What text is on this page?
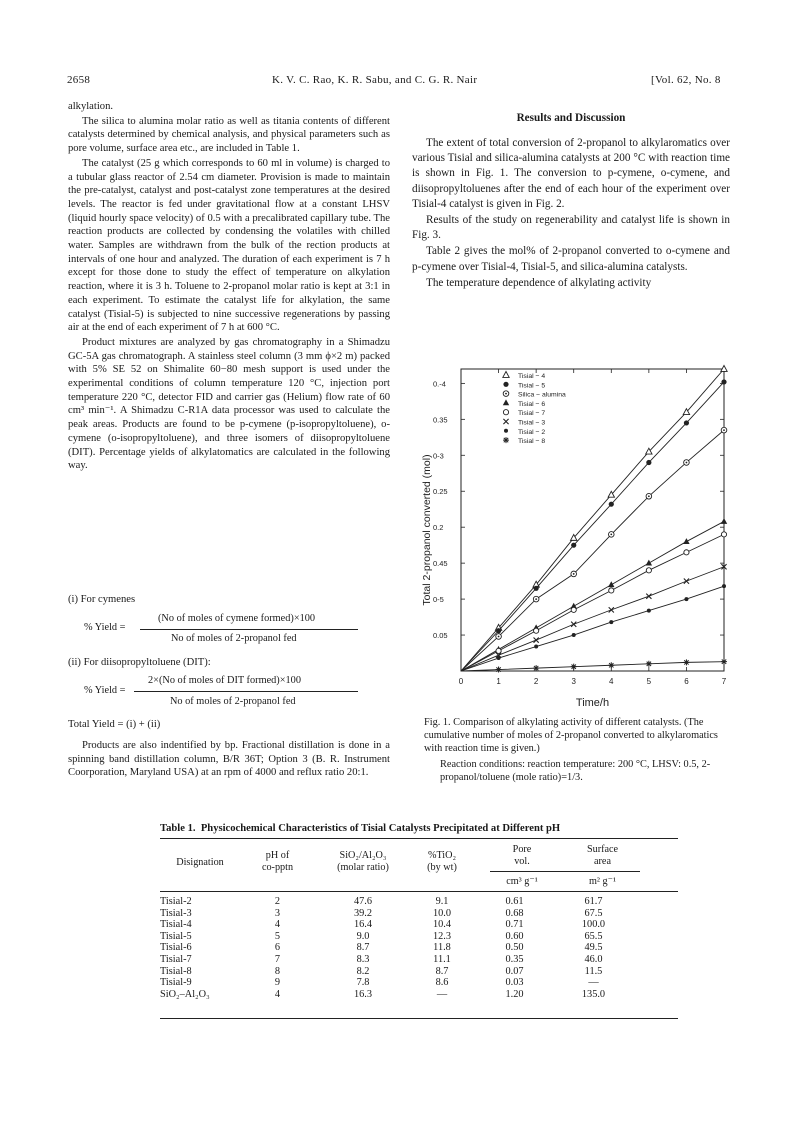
2658	K. V. C. Rao, K. R. Sabu, and C. G. R. Nair	[Vol. 62, No. 8

alkylation.

The silica to alumina molar ratio as well as titania contents of different catalysts determined by chemical analysis, and physical parameters such as pore volume, surface area etc., are included in Table 1.

The catalyst (25 g which corresponds to 60 ml in volume) is charged to a tubular glass reactor of 2.54 cm diameter. Provision is made to maintain the pre-catalyst, catalyst and post-catalyst zone temperatures at the desired levels. The reactor is fed under gravitational flow at a constant LHSV (liquid hourly space velocity) of 0.5 with a precalibrated capillary tube. The reaction products are collected by condensing the volatiles with chilled water. Samples are withdrawn from the bulk of the rection products at intervals of one hour and analyzed. The duration of each experiment is 7 h except for those done to study the effect of temperature on alkylation reaction, where it is 3 h. Toluene to 2-propanol molar ratio is kept at 3:1 in each experiment. To estimate the catalyst life for alkylation, the same catalyst (Tisial-5) is subjected to nine successive regenerations by passing air at the end of each experiment of 7 h at 600 °C.

Product mixtures are analyzed by gas chromatography in a Shimadzu GC-5A gas chromatograph. A stainless steel column (3 mm ϕ×2 m) packed with 5% SE 52 on Shimalite 60−80 mesh support is used under the experimental conditions of column temperature 120 °C, injection port temperature 220 °C, detector FID and carrier gas (Helium) flow rate of 60 cm³ min⁻¹. A Shimadzu C-R1A data processor was used to calculate the peak areas. Products are found to be p-cymene (p-isopropyltoluene), o-cymene (o-isopropyltoluene), and three isomers of diisopropyltoluene (DIT). Percentage yields of alkylatomatics are calculated in the following way.

(i) For cymenes
% Yield =
(No of moles of cymene formed)×100
No of moles of 2-propanol fed
(ii) For diisopropyltoluene (DIT):
% Yield =
2×(No of moles of DIT formed)×100
No of moles of 2-propanol fed
Total Yield = (i) + (ii)

Products are also indentified by bp. Fractional distillation is done in a spinning band distillation column, B/R 36T; Option 3 (B. R. Instrument Coorporation, Maryland USA) at an rpm of 4000 and reflux ratio 20:1.

Results and Discussion

The extent of total conversion of 2-propanol to alkylaromatics over various Tisial and silica-alumina catalysts at 200 °C with reaction time is shown in Fig. 1. The conversion to p-cymene, o-cymene, and diisopropyltoluenes after the end of each hour of the experiment over Tisial-4 catalyst is given in Fig. 2.

Results of the study on regenerability and catalyst life is shown in Fig. 3.

Table 2 gives the mol% of 2-propanol converted to o-cymene and p-cymene over Tisial-4, Tisial-5, and silica-alumina catalysts.

The temperature dependence of alkylating activity

0	1	2	3	4	5	6	7
0.05
0-5
0.45
0.2
0.25
0-3
0.35
0.-4
Time/h
Total 2-propanol converted (mol)
Tisial − 4
Tisial − 5
Silica − alumina
Tisial − 6
Tisial − 7
Tisial − 3
Tisial − 2
Tisial − 8
Fig. 1. Comparison of alkylating activity of different catalysts. (The cumulative number of moles of 2-propanol converted to alkylaromatics with reaction time is given.)
Reaction conditions: reaction temperature: 200 °C, LHSV: 0.5, 2-propanol/toluene (mole ratio)=1/3.
Table 1. Physicochemical Characteristics of Tisial Catalysts Precipitated at Different pH
Disignation
pH of
co-pptn
SiO₂/Al₂O₃
(molar ratio)
%TiO₂
(by wt)
Pore
vol.
Surface
area
cm³ g⁻¹	m² g⁻¹
Tisial-2	2	47.6	9.1	0.61	61.7
Tisial-3	3	39.2	10.0	0.68	67.5
Tisial-4	4	16.4	10.4	0.71	100.0
Tisial-5	5	9.0	12.3	0.60	65.5
Tisial-6	6	8.7	11.8	0.50	49.5
Tisial-7	7	8.3	11.1	0.35	46.0
Tisial-8	8	8.2	8.7	0.07	11.5
Tisial-9	9	7.8	8.6	0.03	—
SiO₂–Al₂O₃	4	16.3	—	1.20	135.0
